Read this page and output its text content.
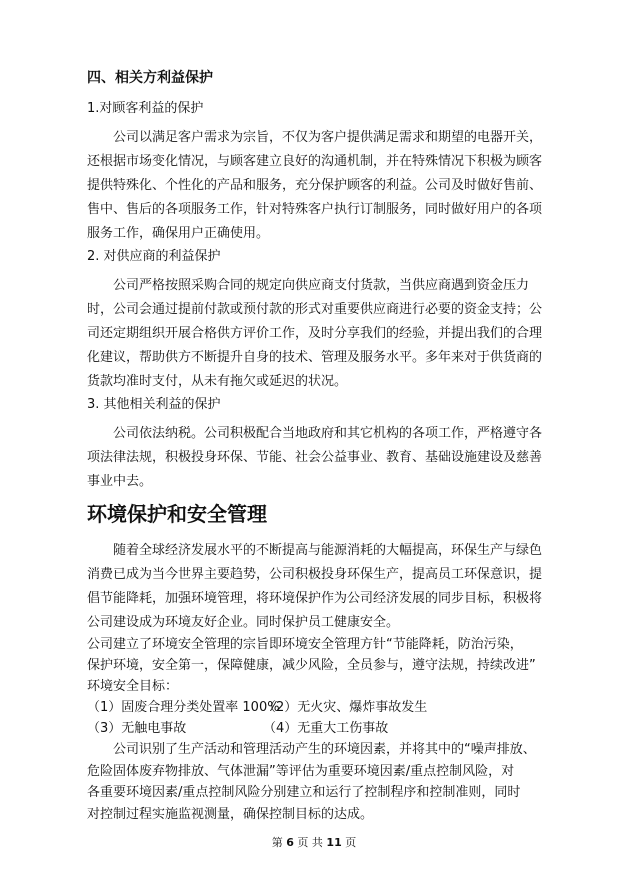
四、相关方利益保护
1.对顾客利益的保护
公司以满足客户需求为宗旨，不仅为客户提供满足需求和期望的电器开关，
还根据市场变化情况，与顾客建立良好的沟通机制，并在特殊情况下积极为顾客
提供特殊化、个性化的产品和服务，充分保护顾客的利益。公司及时做好售前、
售中、售后的各项服务工作，针对特殊客户执行订制服务，同时做好用户的各项
服务工作，确保用户正确使用。
2. 对供应商的利益保护
公司严格按照采购合同的规定向供应商支付货款，当供应商遇到资金压力
时，公司会通过提前付款或预付款的形式对重要供应商进行必要的资金支持；公
司还定期组织开展合格供方评价工作，及时分享我们的经验，并提出我们的合理
化建议，帮助供方不断提升自身的技术、管理及服务水平。多年来对于供货商的
货款均准时支付，从未有拖欠或延迟的状况。
3. 其他相关利益的保护
公司依法纳税。公司积极配合当地政府和其它机构的各项工作，严格遵守各
项法律法规，积极投身环保、节能、社会公益事业、教育、基础设施建设及慈善
事业中去。
环境保护和安全管理
随着全球经济发展水平的不断提高与能源消耗的大幅提高，环保生产与绿色
消费已成为当今世界主要趋势，公司积极投身环保生产，提高员工环保意识，提
倡节能降耗，加强环境管理，将环境保护作为公司经济发展的同步目标，积极将
公司建设成为环境友好企业。同时保护员工健康安全。
公司建立了环境安全管理的宗旨即环境安全管理方针“节能降耗，防治污染，
保护环境，安全第一，保障健康，减少风险，全员参与，遵守法规，持续改进”
环境安全目标：
（1）固废合理分类处置率 100%
（2）无火灾、爆炸事故发生
（3）无触电事故	（4）无重大工伤事故
公司识别了生产活动和管理活动产生的环境因素，并将其中的“噪声排放、
危险固体废弃物排放、气体泄漏”等评估为重要环境因素/重点控制风险，对
各重要环境因素/重点控制风险分别建立和运行了控制程序和控制准则，同时
对控制过程实施监视测量，确保控制目标的达成。
第 6 页 共 11 页
